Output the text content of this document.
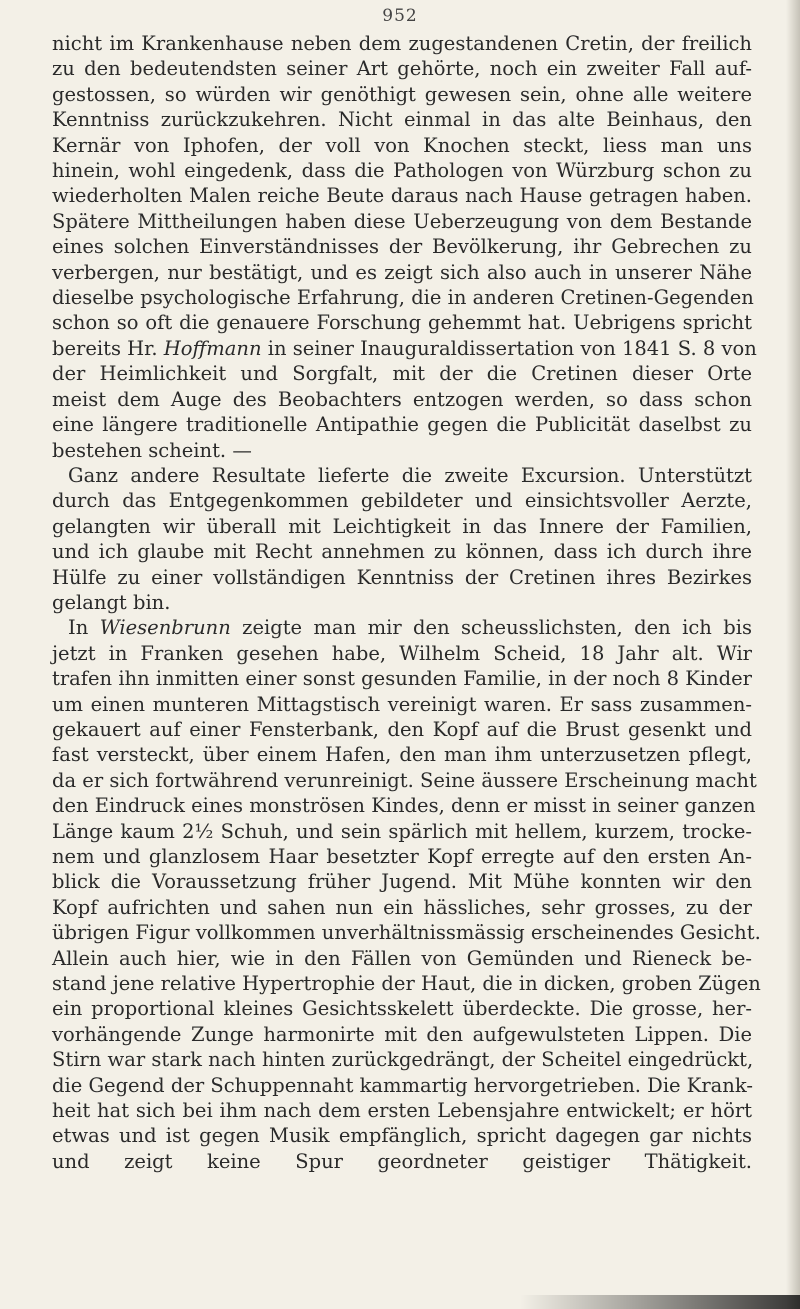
952
nicht im Krankenhause neben dem zugestandenen Cretin, der freilich
zu den bedeutendsten seiner Art gehörte, noch ein zweiter Fall auf-
gestossen, so würden wir genöthigt gewesen sein, ohne alle weitere
Kenntniss zurückzukehren. Nicht einmal in das alte Beinhaus, den
Kernär von Iphofen, der voll von Knochen steckt, liess man uns
hinein, wohl eingedenk, dass die Pathologen von Würzburg schon zu
wiederholten Malen reiche Beute daraus nach Hause getragen haben.
Spätere Mittheilungen haben diese Ueberzeugung von dem Bestande
eines solchen Einverständnisses der Bevölkerung, ihr Gebrechen zu
verbergen, nur bestätigt, und es zeigt sich also auch in unserer Nähe
dieselbe psychologische Erfahrung, die in anderen Cretinen-Gegenden
schon so oft die genauere Forschung gehemmt hat. Uebrigens spricht
bereits Hr. Hoffmann in seiner Inauguraldissertation von 1841 S. 8 von
der Heimlichkeit und Sorgfalt, mit der die Cretinen dieser Orte
meist dem Auge des Beobachters entzogen werden, so dass schon
eine längere traditionelle Antipathie gegen die Publicität daselbst zu
bestehen scheint. —
Ganz andere Resultate lieferte die zweite Excursion. Unterstützt
durch das Entgegenkommen gebildeter und einsichtsvoller Aerzte,
gelangten wir überall mit Leichtigkeit in das Innere der Familien,
und ich glaube mit Recht annehmen zu können, dass ich durch ihre
Hülfe zu einer vollständigen Kenntniss der Cretinen ihres Bezirkes
gelangt bin.
In Wiesenbrunn zeigte man mir den scheusslichsten, den ich bis
jetzt in Franken gesehen habe, Wilhelm Scheid, 18 Jahr alt. Wir
trafen ihn inmitten einer sonst gesunden Familie, in der noch 8 Kinder
um einen munteren Mittagstisch vereinigt waren. Er sass zusammen-
gekauert auf einer Fensterbank, den Kopf auf die Brust gesenkt und
fast versteckt, über einem Hafen, den man ihm unterzusetzen pflegt,
da er sich fortwährend verunreinigt. Seine äussere Erscheinung macht
den Eindruck eines monströsen Kindes, denn er misst in seiner ganzen
Länge kaum 2½ Schuh, und sein spärlich mit hellem, kurzem, trocke-
nem und glanzlosem Haar besetzter Kopf erregte auf den ersten An-
blick die Voraussetzung früher Jugend. Mit Mühe konnten wir den
Kopf aufrichten und sahen nun ein hässliches, sehr grosses, zu der
übrigen Figur vollkommen unverhältnissmässig erscheinendes Gesicht.
Allein auch hier, wie in den Fällen von Gemünden und Rieneck be-
stand jene relative Hypertrophie der Haut, die in dicken, groben Zügen
ein proportional kleines Gesichtsskelett überdeckte. Die grosse, her-
vorhängende Zunge harmonirte mit den aufgewulsteten Lippen. Die
Stirn war stark nach hinten zurückgedrängt, der Scheitel eingedrückt,
die Gegend der Schuppennaht kammartig hervorgetrieben. Die Krank-
heit hat sich bei ihm nach dem ersten Lebensjahre entwickelt; er hört
etwas und ist gegen Musik empfänglich, spricht dagegen gar nichts
und zeigt keine Spur geordneter geistiger Thätigkeit.
